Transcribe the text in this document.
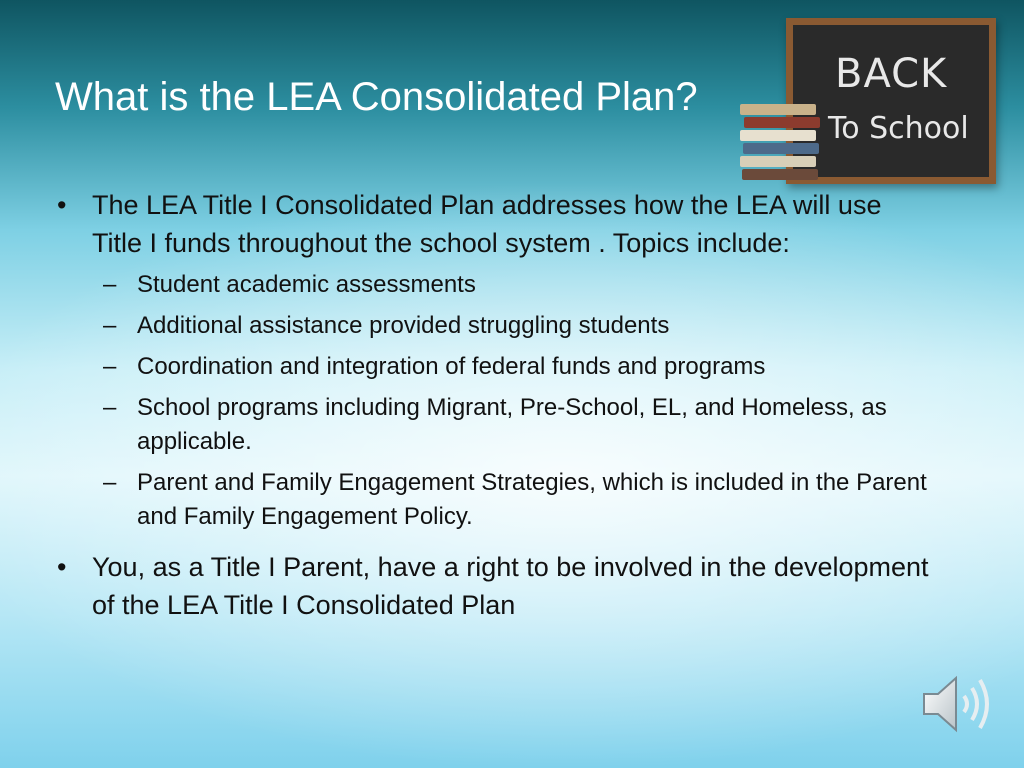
What is the LEA Consolidated Plan?	BACK
To School
• The LEA Title I Consolidated Plan addresses how the LEA will use Title I funds throughout the school system . Topics include:
– Student academic assessments
– Additional assistance provided struggling students
– Coordination and integration of federal funds and programs
– School programs including Migrant, Pre-School, EL, and Homeless, as applicable.
– Parent and Family Engagement Strategies, which is included in the Parent and Family Engagement Policy.
• You, as a Title I Parent, have a right to be involved in the development of the LEA Title I Consolidated Plan
